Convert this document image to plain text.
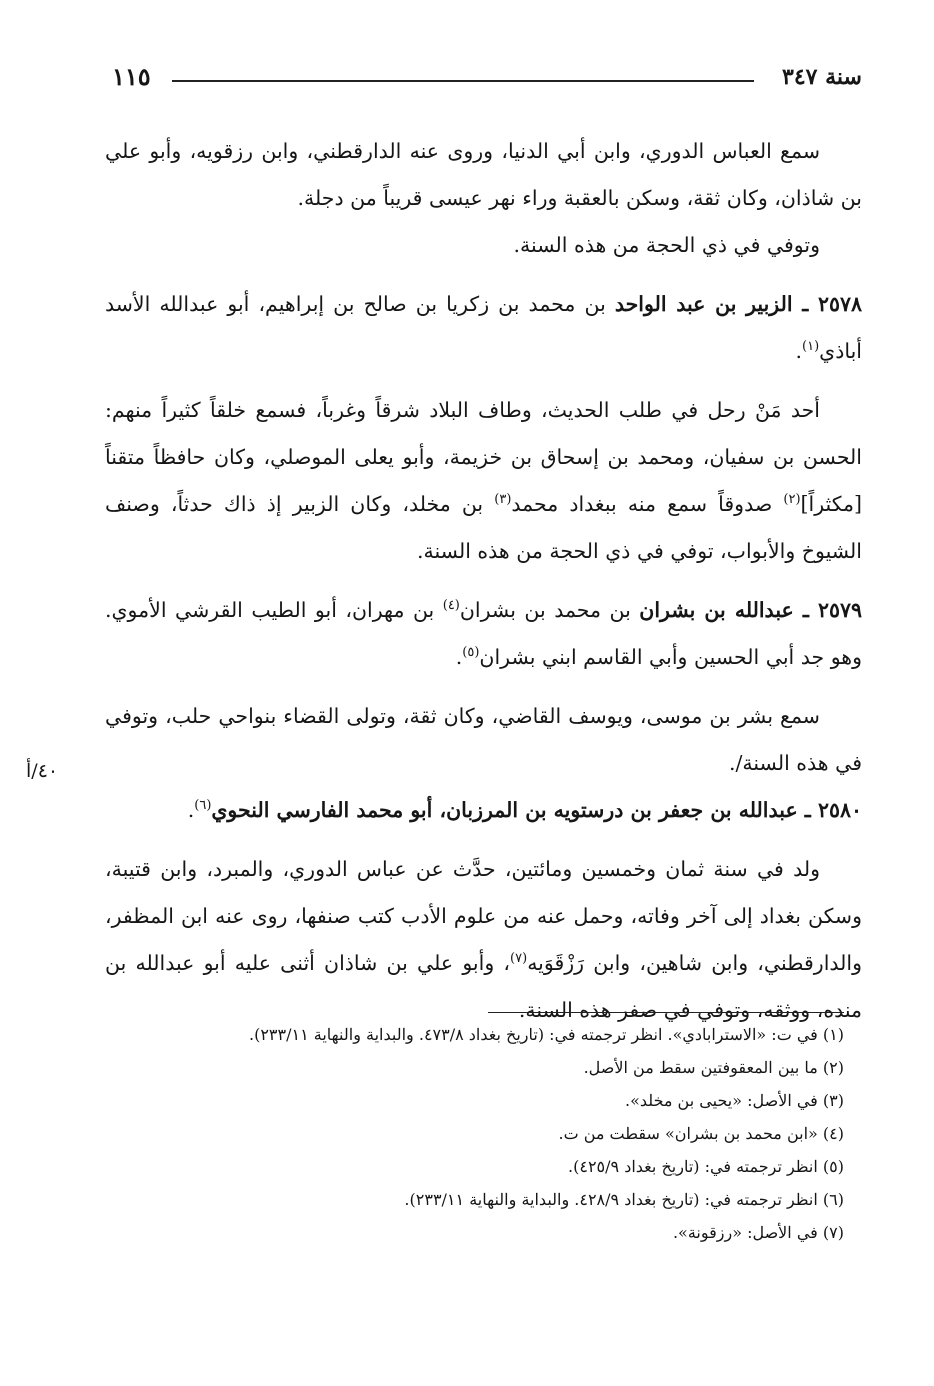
سنة ٣٤٧
١١٥

سمع العباس الدوري، وابن أبي الدنيا، وروى عنه الدارقطني، وابن رزقويه، وأبو علي بن شاذان، وكان ثقة، وسكن بالعقبة وراء نهر عيسى قريباً من دجلة.

وتوفي في ذي الحجة من هذه السنة.

٢٥٧٨ ـ الزبير بن عبد الواحد بن محمد بن زكريا بن صالح بن إبراهيم، أبو عبدالله الأسد أباذي$^{(١)}$.

أحد مَنْ رحل في طلب الحديث، وطاف البلاد شرقاً وغرباً، فسمع خلقاً كثيراً منهم: الحسن بن سفيان، ومحمد بن إسحاق بن خزيمة، وأبو يعلى الموصلي، وكان حافظاً متقناً [مكثراً]$^{(٢)}$ صدوقاً سمع منه ببغداد محمد$^{(٣)}$ بن مخلد، وكان الزبير إذ ذاك حدثاً، وصنف الشيوخ والأبواب، توفي في ذي الحجة من هذه السنة.

٢٥٧٩ ـ عبدالله بن بشران بن محمد بن بشران$^{(٤)}$ بن مهران، أبو الطيب القرشي الأموي. وهو جد أبي الحسين وأبي القاسم ابني بشران$^{(٥)}$.

سمع بشر بن موسى، ويوسف القاضي، وكان ثقة، وتولى القضاء بنواحي حلب، وتوفي في هذه السنة/.

٢٥٨٠ ـ عبدالله بن جعفر بن درستويه بن المرزبان، أبو محمد الفارسي النحوي$^{(٦)}$.

ولد في سنة ثمان وخمسين ومائتين، حدَّث عن عباس الدوري، والمبرد، وابن قتيبة، وسكن بغداد إلى آخر وفاته، وحمل عنه من علوم الأدب كتب صنفها، روى عنه ابن المظفر، والدارقطني، وابن شاهين، وابن رَزْقَوَيه$^{(٧)}$، وأبو علي بن شاذان أثنى عليه أبو عبدالله بن منده، ووثقه، وتوفي في صفر هذه السنة.

٤٠/أ
(١) في ت: «الاسترابادي». انظر ترجمته في: (تاريخ بغداد ٤٧٣/٨. والبداية والنهاية ٢٣٣/١١).
(٢) ما بين المعقوفتين سقط من الأصل.
(٣) في الأصل: «يحيى بن مخلد».
(٤) «ابن محمد بن بشران» سقطت من ت.
(٥) انظر ترجمته في: (تاريخ بغداد ٤٢٥/٩).
(٦) انظر ترجمته في: (تاريخ بغداد ٤٢٨/٩. والبداية والنهاية ٢٣٣/١١).
(٧) في الأصل: «رزقونة».
